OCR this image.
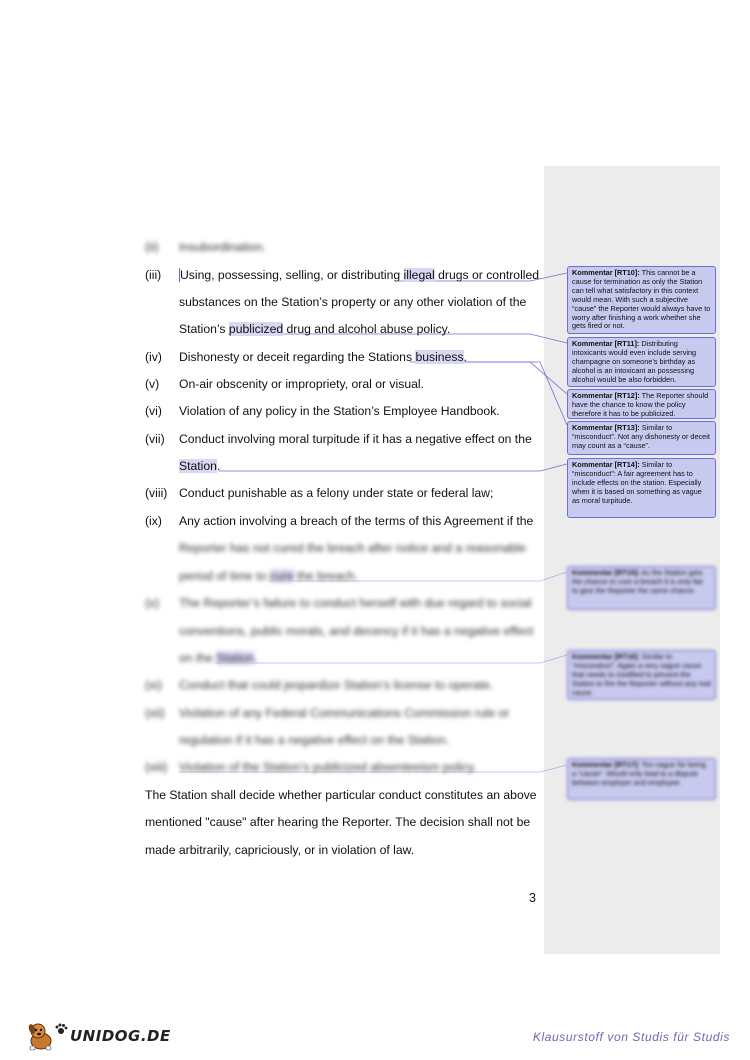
(ii) Insubordination.
(iii) Using, possessing, selling, or distributing illegal drugs or controlled
substances on the Station’s property or any other violation of the
Station’s publicized drug and alcohol abuse policy.
(iv) Dishonesty or deceit regarding the Stations business.
(v) On-air obscenity or impropriety, oral or visual.
(vi) Violation of any policy in the Station’s Employee Handbook.
(vii) Conduct involving moral turpitude if it has a negative effect on the
Station.
(viii) Conduct punishable as a felony under state or federal law;
(ix) Any action involving a breach of the terms of this Agreement if the
Reporter has not cured the breach after notice and a reasonable
period of time to cure the breach.
(x) The Reporter’s failure to conduct herself with due regard to social
conventions, public morals, and decency if it has a negative effect
on the Station.
(xi) Conduct that could jeopardize Station’s license to operate.
(xii) Violation of any Federal Communications Commission rule or
regulation if it has a negative effect on the Station.
(xiii) Violation of the Station’s publicized absenteeism policy.
The Station shall decide whether particular conduct constitutes an above
mentioned "cause" after hearing the Reporter. The decision shall not be
made arbitrarily, capriciously, or in violation of law.
3
Kommentar [RT10]: This cannot be a cause for termination as only the Station can tell what satisfactory in this context would mean. With such a subjective “cause” the Reporter would always have to worry after finishing a work whether she gets fired or not.
Kommentar [RT11]: Distributing intoxicants would even include serving champagne on someone’s birthday as alcohol is an intoxicant an possessing alcohol would be also forbidden.
Kommentar [RT12]: The Reporter should have the chance to know the policy therefore it has to be publicized.
Kommentar [RT13]: Similar to “misconduct”. Not any dishonesty or deceit may count as a “cause”.
Kommentar [RT14]: Similar to “misconduct”: A fair agreement has to include effects on the station. Especially when it is based on something as vague as moral turpitude.
Kommentar [RT15]: As the Station gets the chance to cure a breach it is only fair to give the Reporter the same chance.
Kommentar [RT16]: Similar to “misconduct”. Again a very vague cause that needs to modified to prevent the Station to fire the Reporter without any real cause.
Kommentar [RT17]: Too vague for being a “cause”. Would only lead to a dispute between employer and employee.
UNIDOG.DE	Klausurstoff von Studis für Studis
